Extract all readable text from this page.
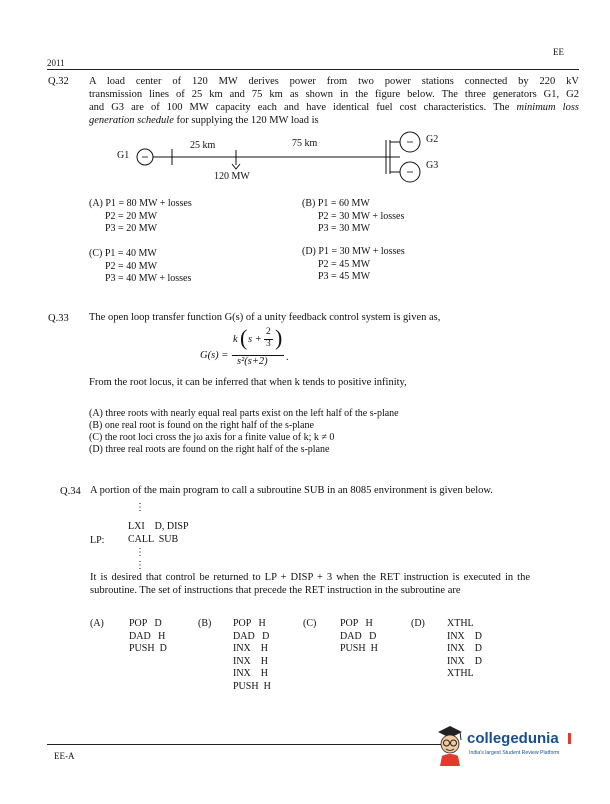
EE
2011
Q.32 A load center of 120 MW derives power from two power stations connected by 220 kV

transmission lines of 25 km and 75 km as shown in the figure below. The three generators G1, G2

and G3 are of 100 MW capacity each and have identical fuel cost characteristics. The minimum loss

generation schedule for supplying the 120 MW load is

G1
25 km	75 km
120 MW
G2
G3
(A) P1 = 80 MW + losses
P2 = 20 MW
P3 = 20 MW
(B) P1 = 60 MW
P2 = 30 MW + losses
P3 = 30 MW
(C) P1 = 40 MW
P2 = 40 MW
P3 = 40 MW + losses
(D) P1 = 30 MW + losses
P2 = 45 MW
P3 = 45 MW
Q.33 The open loop transfer function G(s) of a unity feedback control system is given as,
G(s) =
k ( s +
2
3 )
s²(s+2) .
From the root locus, it can be inferred that when k tends to positive infinity,
(A) three roots with nearly equal real parts exist on the left half of the s-plane
(B) one real root is found on the right half of the s-plane
(C) the root loci cross the jω axis for a finite value of k; k ≠ 0
(D) three real roots are found on the right half of the s-plane
Q.34 A portion of the main program to call a subroutine SUB in an 8085 environment is given below.
⋮
LXI    D, DISP
LP: CALL  SUB
⋮
⋮

It is desired that control be returned to LP + DISP + 3 when the RET instruction is executed in the

subroutine. The set of instructions that precede the RET instruction in the subroutine are

(A)	POP   D
DAD   H
PUSH  D
(B) POP   H
DAD   D
INX    H
INX    H
INX    H
PUSH  H
(C) POP   H
DAD   D
PUSH  H
(D) XTHL
INX    D
INX    D
INX    D
XTHL
EE-A
collegedunia
India's largest Student Review Platform
